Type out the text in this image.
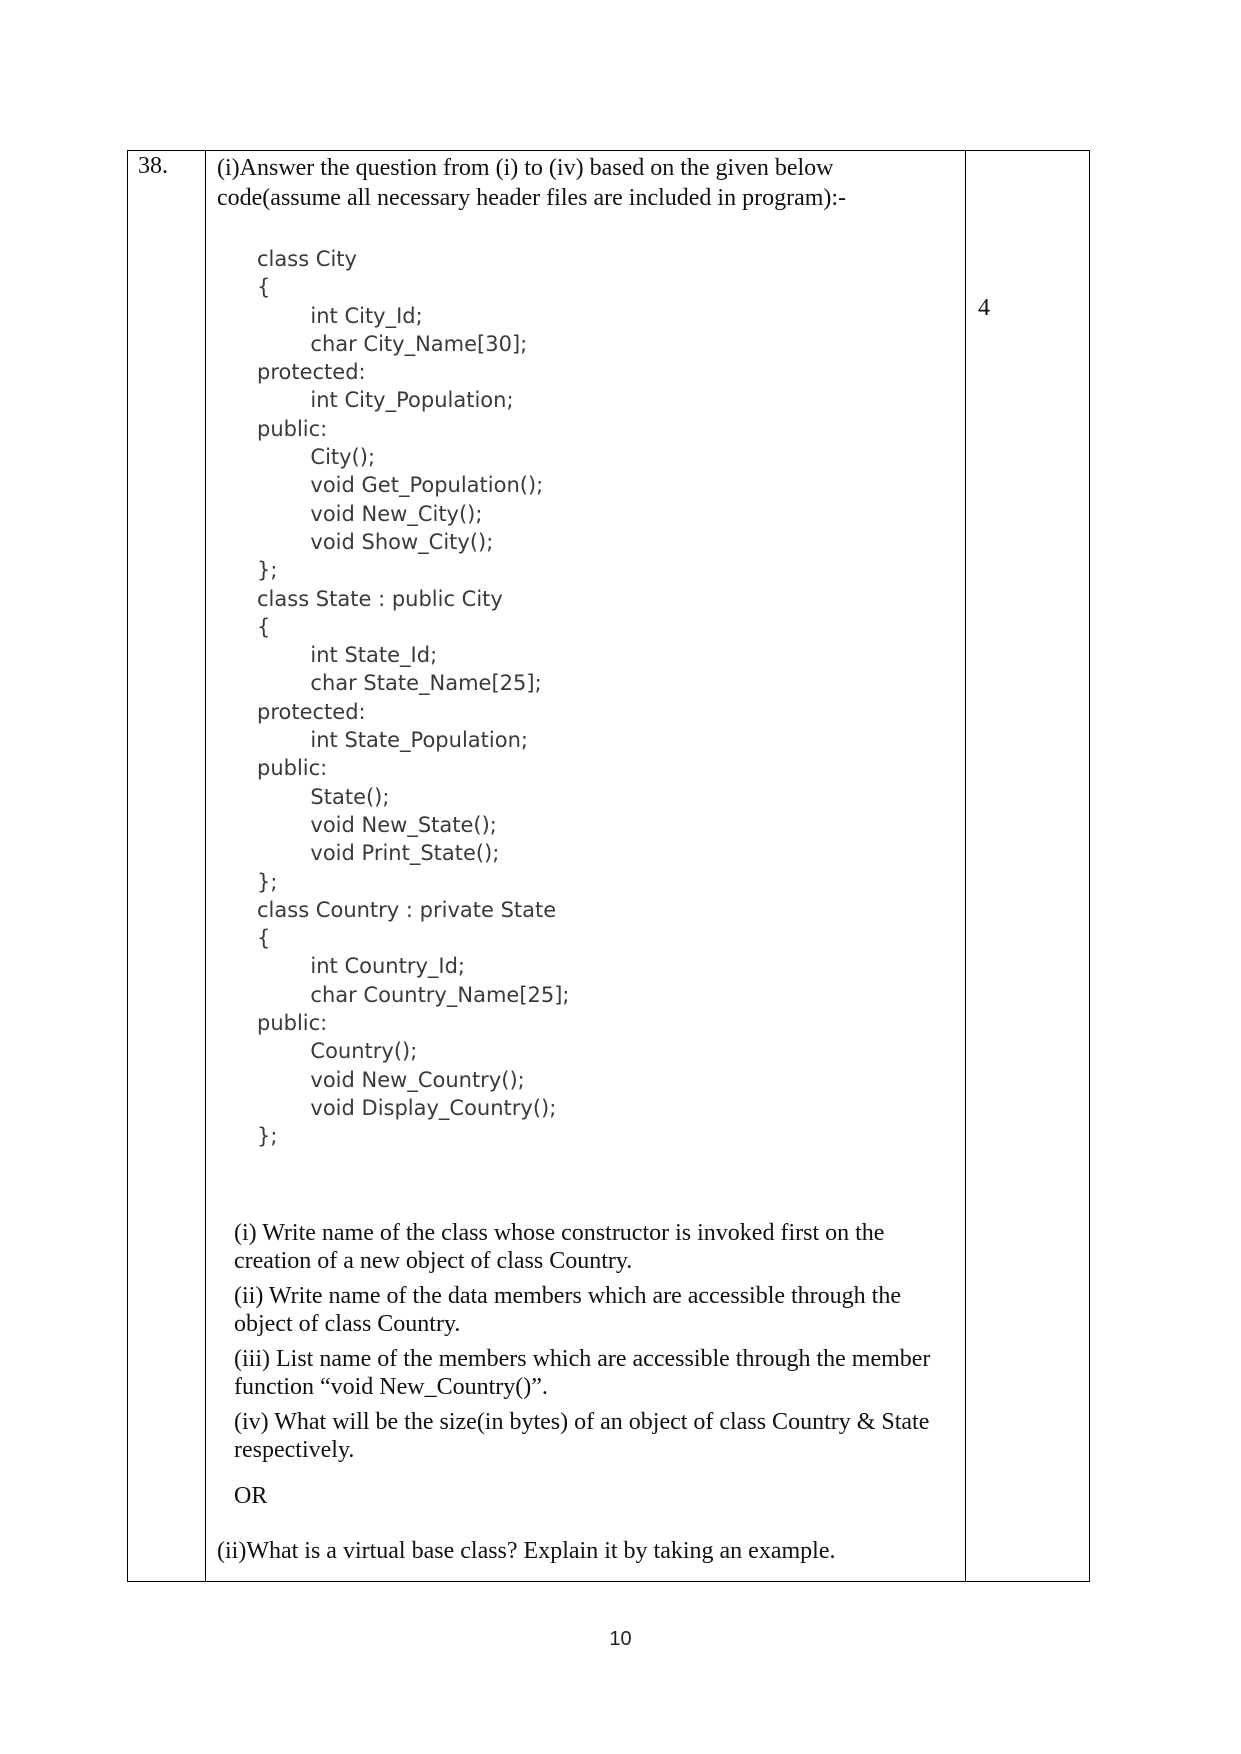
38. (i)Answer the question from (i) to (iv) based on the given below code(assume all necessary header files are included in program):-
class City
{
int City_Id;
char City_Name[30];
protected:
int City_Population;
public:
City();
void Get_Population();
void New_City();
void Show_City();
};
class State : public City
{
int State_Id;
char State_Name[25];
protected:
int State_Population;
public:
State();
void New_State();
void Print_State();
};
class Country : private State
{
int Country_Id;
char Country_Name[25];
public:
Country();
void New_Country();
void Display_Country();
};
(i) Write name of the class whose constructor is invoked first on the creation of a new object of class Country.
(ii) Write name of the data members which are accessible through the object of class Country.
(iii) List name of the members which are accessible through the member function “void New_Country()”.
(iv) What will be the size(in bytes) of an object of class Country & State respectively.
OR
(ii)What is a virtual base class? Explain it by taking an example.
4
10
